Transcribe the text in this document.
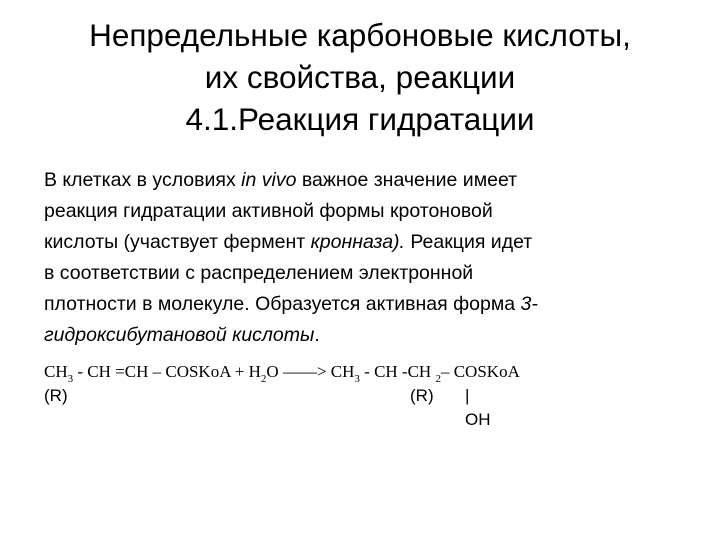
Непредельные карбоновые кислоты,
их свойства, реакции
4.1.Реакция гидратации
В клетках в условиях in vivo важное значение имеет
реакция гидратации активной формы кротоновой
кислоты (участвует фермент кронназа). Реакция идет
в соответствии с распределением электронной
плотности в молекуле. Образуется активная форма 3-
гидроксибутановой кислоты.
$CH_3$ - CH =CH – COSKoA + $H_2O$ ——> $CH_3$ - CH -CH $_2$– COSKoA
(R)	(R) |
OH
